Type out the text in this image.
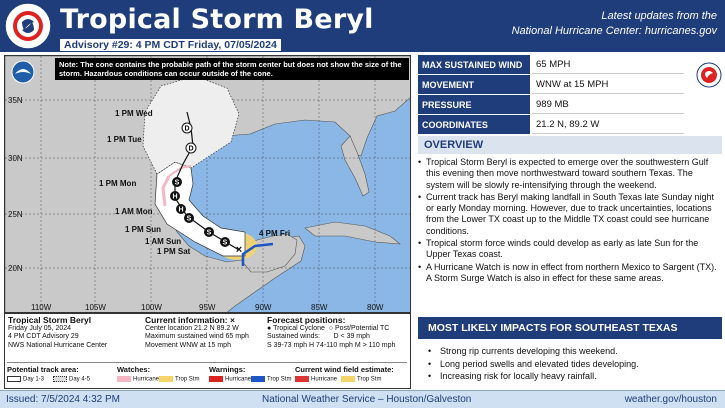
Tropical Storm Beryl	Latest updates from the
National Hurricane Center: hurricanes.gov
Advisory #29: 4 PM CDT Friday, 07/05/2024
D
D
S
H
H
S
S
S
×
1 PM Wed
1 PM Tue
1 PM Mon
1 AM Mon
1 PM Sun
1 AM Sun
1 PM Sat
4 PM Fri
35N
30N
25N
20N
110W	105W	100W	95W	90W	85W	80W
Note: The cone contains the probable path of the storm center but does not show the size of the storm. Hazardous conditions can occur outside of the cone.
Tropical Storm Beryl
Friday July 05, 2024
4 PM CDT Advisory 29
NWS National Hurricane Center
Current information: ×
Center location 21.2 N 89.2 W
Maximum sustained wind 65 mph
Movement WNW at 15 mph
Forecast positions:
● Tropical Cyclone ○ Post/Potential TC
Sustained winds: D < 39 mph
S 39-73 mph H 74-110 mph M > 110 mph
Potential track area:
Day 1-3	Day 4-5
Watches:
Hurricane	Trop Stm
Warnings:
Hurricane	Trop Stm
Current wind field estimate:
Hurricane	Trop Stm
MAX SUSTAINED WIND	65 MPH
MOVEMENT	WNW at 15 MPH
PRESSURE	989 MB
COORDINATES	21.2 N, 89.2 W
OVERVIEW
• Tropical Storm Beryl is expected to emerge over the southwestern Gulf this evening then move northwestward toward southern Texas. The system will be slowly re-intensifying through the weekend.
• Current track has Beryl making landfall in South Texas late Sunday night or early Monday morning. However, due to track uncertainties, locations from the Lower TX coast up to the Middle TX coast could see hurricane conditions.
• Tropical storm force winds could develop as early as late Sun for the Upper Texas coast.
• A Hurricane Watch is now in effect from northern Mexico to Sargent (TX). A Storm Surge Watch is also in effect for these same areas.
MOST LIKELY IMPACTS FOR SOUTHEAST TEXAS
• Strong rip currents developing this weekend.
• Long period swells and elevated tides developing.
• Increasing risk for locally heavy rainfall.
Issued: 7/5/2024 4:32 PM	National Weather Service – Houston/Galveston	weather.gov/houston
